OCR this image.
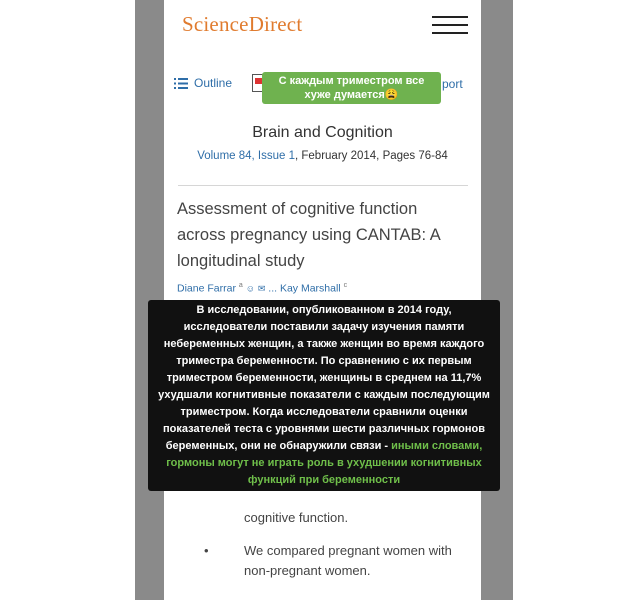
ScienceDirect
Outline	port
Brain and Cognition
Volume 84, Issue 1, February 2014, Pages 76-84
Assessment of cognitive function across pregnancy using CANTAB: A longitudinal study
Diane Farrar $^a$ ☺ ✉ ... Kay Marshall $^c$
cognitive function.
•	We compared pregnant women with non-pregnant women.
С каждым триместром все хуже думается😩
В исследовании, опубликованном в 2014 году, исследователи поставили задачу изучения памяти небеременных женщин, а также женщин во время каждого триместра беременности. По сравнению с их первым триместром беременности, женщины в среднем на 11,7% ухудшали когнитивные показатели с каждым последующим триместром. Когда исследователи сравнили оценки показателей теста с уровнями шести различных гормонов беременных, они не обнаружили связи - иными словами, гормоны могут не играть роль в ухудшении когнитивных функций при беременности
